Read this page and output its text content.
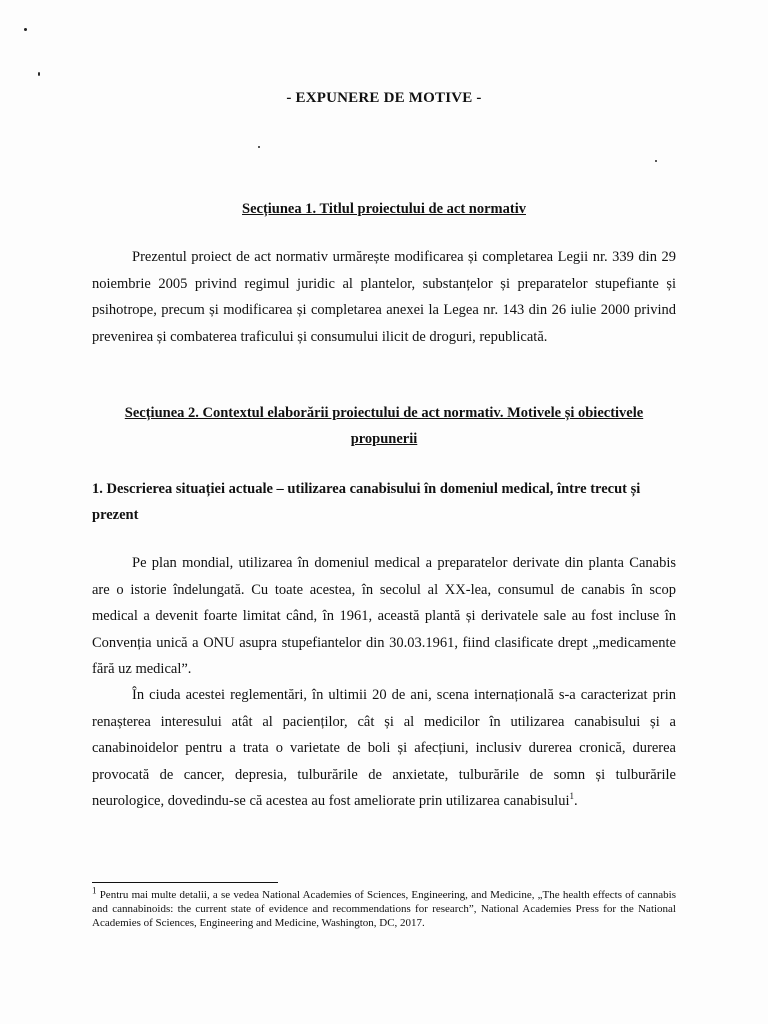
- EXPUNERE DE MOTIVE -
Secțiunea 1. Titlul proiectului de act normativ

Prezentul proiect de act normativ urmărește modificarea și completarea Legii nr. 339 din 29 noiembrie 2005 privind regimul juridic al plantelor, substanțelor și preparatelor stupefiante și psihotrope, precum și modificarea și completarea anexei la Legea nr. 143 din 26 iulie 2000 privind prevenirea și combaterea traficului și consumului ilicit de droguri, republicată.

Secțiunea 2. Contextul elaborării proiectului de act normativ. Motivele și obiectivele propunerii
1. Descrierea situației actuale – utilizarea canabisului în domeniul medical, între trecut și prezent

Pe plan mondial, utilizarea în domeniul medical a preparatelor derivate din planta Canabis are o istorie îndelungată. Cu toate acestea, în secolul al XX-lea, consumul de canabis în scop medical a devenit foarte limitat când, în 1961, această plantă și derivatele sale au fost incluse în Convenția unică a ONU asupra stupefiantelor din 30.03.1961, fiind clasificate drept „medicamente fără uz medical”.

În ciuda acestei reglementări, în ultimii 20 de ani, scena internațională s-a caracterizat prin renașterea interesului atât al pacienților, cât și al medicilor în utilizarea canabisului și a canabinoidelor pentru a trata o varietate de boli și afecțiuni, inclusiv durerea cronică, durerea provocată de cancer, depresia, tulburările de anxietate, tulburările de somn și tulburările neurologice, dovedindu-se că acestea au fost ameliorate prin utilizarea canabisului$^1$.

$^1$ Pentru mai multe detalii, a se vedea National Academies of Sciences, Engineering, and Medicine, „The health effects of cannabis and cannabinoids: the current state of evidence and recommendations for research”, National Academies Press for the National Academies of Sciences, Engineering and Medicine, Washington, DC, 2017.
